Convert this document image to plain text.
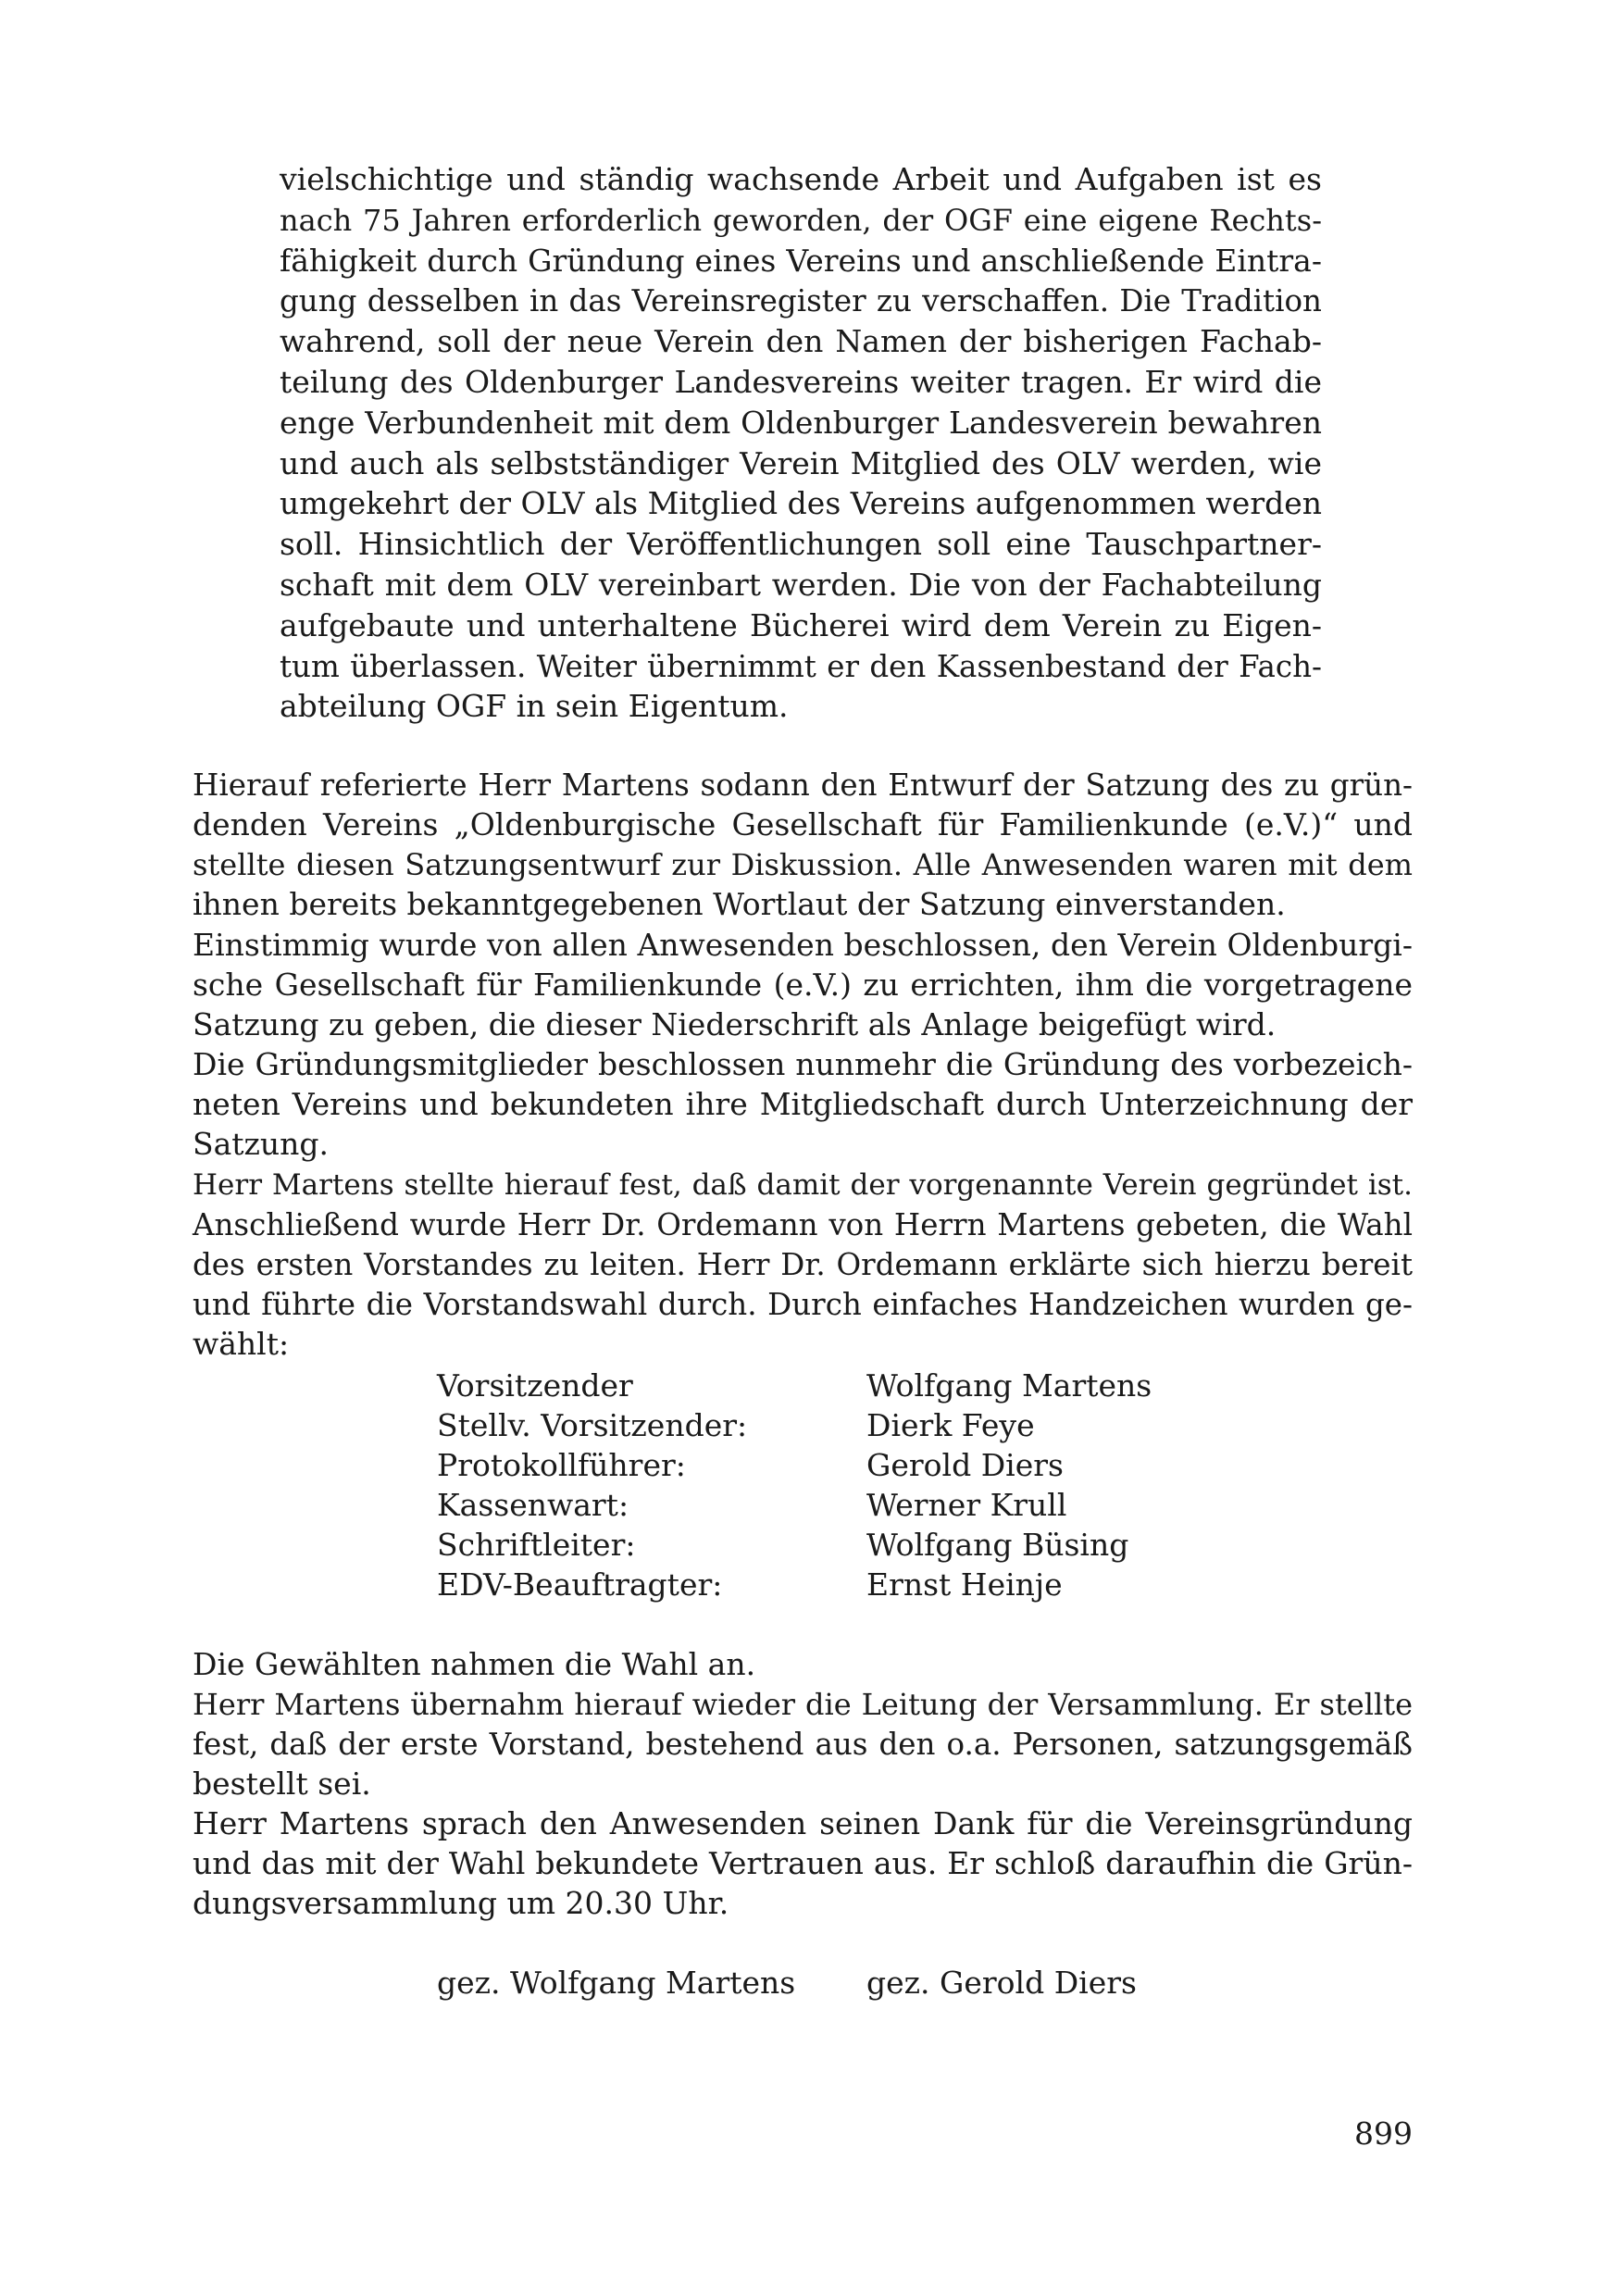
vielschichtige und ständig wachsende Arbeit und Aufgaben ist es
nach 75 Jahren erforderlich geworden, der OGF eine eigene Rechts-
fähigkeit durch Gründung eines Vereins und anschließende Eintra-
gung desselben in das Vereinsregister zu verschaffen. Die Tradition
wahrend, soll der neue Verein den Namen der bisherigen Fachab-
teilung des Oldenburger Landesvereins weiter tragen. Er wird die
enge Verbundenheit mit dem Oldenburger Landesverein bewahren
und auch als selbstständiger Verein Mitglied des OLV werden, wie
umgekehrt der OLV als Mitglied des Vereins aufgenommen werden
soll. Hinsichtlich der Veröffentlichungen soll eine Tauschpartner-
schaft mit dem OLV vereinbart werden. Die von der Fachabteilung
aufgebaute und unterhaltene Bücherei wird dem Verein zu Eigen-
tum überlassen. Weiter übernimmt er den Kassenbestand der Fach-
abteilung OGF in sein Eigentum.
Hierauf referierte Herr Martens sodann den Entwurf der Satzung des zu grün-
denden Vereins „Oldenburgische Gesellschaft für Familienkunde (e.V.)“ und
stellte diesen Satzungsentwurf zur Diskussion. Alle Anwesenden waren mit dem
ihnen bereits bekanntgegebenen Wortlaut der Satzung einverstanden.
Einstimmig wurde von allen Anwesenden beschlossen, den Verein Oldenburgi-
sche Gesellschaft für Familienkunde (e.V.) zu errichten, ihm die vorgetragene
Satzung zu geben, die dieser Niederschrift als Anlage beigefügt wird.
Die Gründungsmitglieder beschlossen nunmehr die Gründung des vorbezeich-
neten Vereins und bekundeten ihre Mitgliedschaft durch Unterzeichnung der
Satzung.
Herr Martens stellte hierauf fest, daß damit der vorgenannte Verein gegründet ist.
Anschließend wurde Herr Dr. Ordemann von Herrn Martens gebeten, die Wahl
des ersten Vorstandes zu leiten. Herr Dr. Ordemann erklärte sich hierzu bereit
und führte die Vorstandswahl durch. Durch einfaches Handzeichen wurden ge-
wählt:
Vorsitzender	Wolfgang Martens
Stellv. Vorsitzender:	Dierk Feye
Protokollführer:	Gerold Diers
Kassenwart:	Werner Krull
Schriftleiter:	Wolfgang Büsing
EDV-Beauftragter:	Ernst Heinje
Die Gewählten nahmen die Wahl an.
Herr Martens übernahm hierauf wieder die Leitung der Versammlung. Er stellte
fest, daß der erste Vorstand, bestehend aus den o.a. Personen, satzungsgemäß
bestellt sei.
Herr Martens sprach den Anwesenden seinen Dank für die Vereinsgründung
und das mit der Wahl bekundete Vertrauen aus. Er schloß daraufhin die Grün-
dungsversammlung um 20.30 Uhr.
gez. Wolfgang Martens gez. Gerold Diers
899
